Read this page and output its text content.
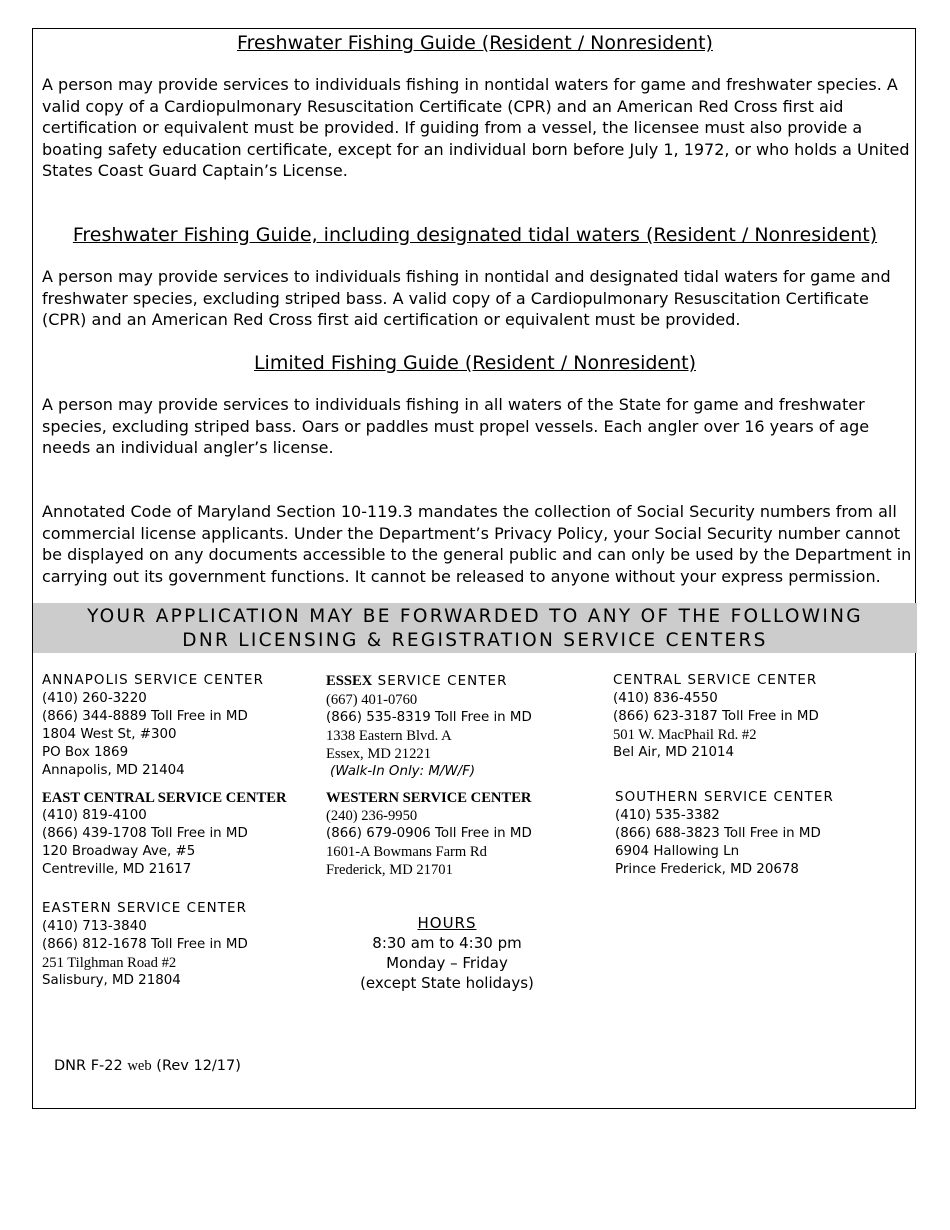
Freshwater Fishing Guide (Resident / Nonresident)
A person may provide services to individuals fishing in nontidal waters for game and freshwater species. A valid copy of a Cardiopulmonary Resuscitation Certificate (CPR) and an American Red Cross first aid certification or equivalent must be provided. If guiding from a vessel, the licensee must also provide a boating safety education certificate, except for an individual born before July 1, 1972, or who holds a United States Coast Guard Captain’s License.
Freshwater Fishing Guide, including designated tidal waters (Resident / Nonresident)
A person may provide services to individuals fishing in nontidal and designated tidal waters for game and freshwater species, excluding striped bass. A valid copy of a Cardiopulmonary Resuscitation Certificate (CPR) and an American Red Cross first aid certification or equivalent must be provided.
Limited Fishing Guide (Resident / Nonresident)
A person may provide services to individuals fishing in all waters of the State for game and freshwater species, excluding striped bass. Oars or paddles must propel vessels. Each angler over 16 years of age needs an individual angler’s license.
Annotated Code of Maryland Section 10-119.3 mandates the collection of Social Security numbers from all commercial license applicants. Under the Department’s Privacy Policy, your Social Security number cannot be displayed on any documents accessible to the general public and can only be used by the Department in carrying out its government functions. It cannot be released to anyone without your express permission.
YOUR APPLICATION MAY BE FORWARDED TO ANY OF THE FOLLOWING
DNR LICENSING & REGISTRATION SERVICE CENTERS
ANNAPOLIS SERVICE CENTER
(410) 260-3220
(866) 344-8889 Toll Free in MD
1804 West St, #300
PO Box 1869
Annapolis, MD 21404
ESSEX SERVICE CENTER
(667) 401-0760
(866) 535-8319 Toll Free in MD
1338 Eastern Blvd. A
Essex, MD 21221
(Walk-In Only: M/W/F)
CENTRAL SERVICE CENTER
(410) 836-4550
(866) 623-3187 Toll Free in MD
501 W. MacPhail Rd. #2
Bel Air, MD 21014
EAST CENTRAL SERVICE CENTER
(410) 819-4100
(866) 439-1708 Toll Free in MD
120 Broadway Ave, #5
Centreville, MD 21617
WESTERN SERVICE CENTER
(240) 236-9950
(866) 679-0906 Toll Free in MD
1601-A Bowmans Farm Rd
Frederick, MD 21701
SOUTHERN SERVICE CENTER
(410) 535-3382
(866) 688-3823 Toll Free in MD
6904 Hallowing Ln
Prince Frederick, MD 20678
EASTERN SERVICE CENTER
(410) 713-3840
(866) 812-1678 Toll Free in MD
251 Tilghman Road #2
Salisbury, MD 21804
HOURS
8:30 am to 4:30 pm
Monday – Friday
(except State holidays)
DNR F-22 web (Rev 12/17)
